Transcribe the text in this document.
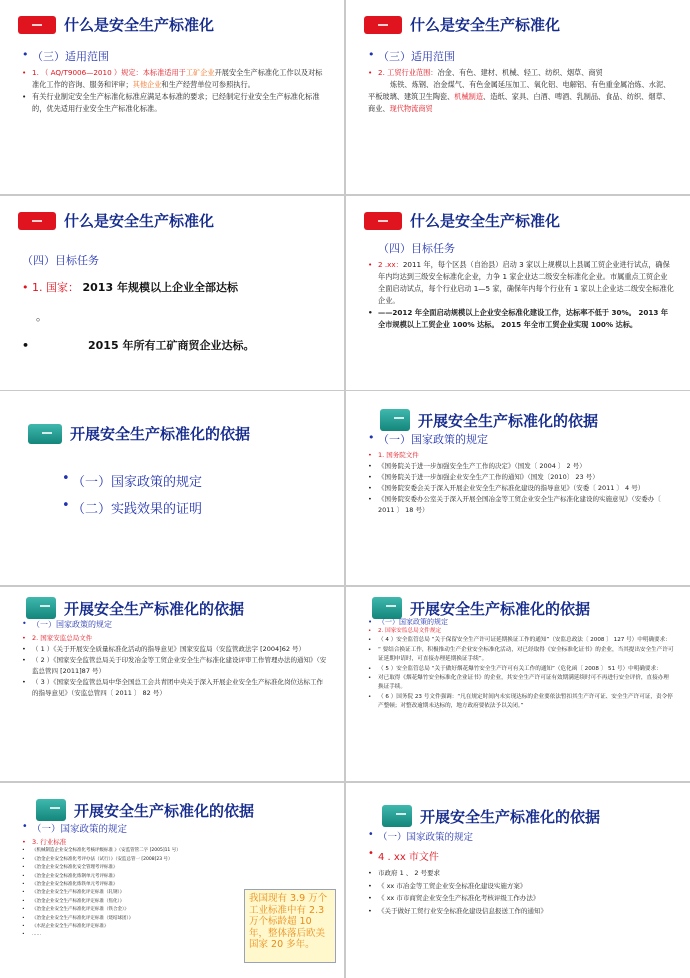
什么是安全生产标准化

• （三）适用范围

• 1. （ AQ/T9006—2010 ）规定：本标准适用于工矿企业开展安全生产标准化工作以及对标准化工作的咨询、服务和评审；其他企业和生产经营单位可参照执行。

• 有关行业制定安全生产标准化标准应满足本标准的要求；已经制定行业安全生产标准化标准的，优先适用行业安全生产标准化标准。

什么是安全生产标准化

• （三）适用范围

• 2. 工贸行业范围：冶金、有色、建材、机械、轻工、纺织、烟草、商贸

炼铁、炼钢、冶金煤气、有色金属延压加工、氧化铝、电解铝、有色重金属冶炼、水泥、平板玻璃、建筑卫生陶瓷、机械制造、造纸、家具、白酒、啤酒、乳制品、食品、纺织、烟草、商业、现代物流商贸

什么是安全生产标准化

（四）目标任务

• 1. 国家： 2013 年规模以上企业全部达标

。

• 2015 年所有工矿商贸企业达标。

什么是安全生产标准化

（四）目标任务

• 2 .xx：2011 年，每个区县（自治县）启动 3 家以上规模以上县属工贸企业进行试点，确保年内均达到三级安全标准化企业，力争 1 家企业达二级安全标准化企业。市属重点工贸企业全面启动试点，每个行业启动 1—5 家，确保年内每个行业有 1 家以上企业达二级安全标准化企业。

• ——2012 年全面启动规模以上企业安全标准化建设工作，达标率不低于 30%。 2013 年全市规模以上工贸企业 100% 达标。 2015 年全市工贸企业实现 100% 达标。

开展安全生产标准化的依据

• （一）国家政策的规定

• （二）实践效果的证明

开展安全生产标准化的依据

• （一）国家政策的规定

• 1. 国务院文件

• 《国务院关于进一步加强安全生产工作的决定》（国发〔 2004 〕 2 号）

• 《国务院关于进一步加强企业安全生产工作的通知》（国发〔2010〕 23 号）

• 《国务院安委会关于深入开展企业安全生产标准化建设的指导意见》（安委〔 2011 〕 4 号）

• 《国务院安委办公室关于深入开展全国冶金等工贸企业安全生产标准化建设的实施意见》（安委办〔 2011 〕 18 号）

开展安全生产标准化的依据

• （一）国家政策的规定

• 2. 国家安监总局文件

• （ 1 ）《关于开展安全质量标准化活动的指导意见》国家安监局（安监管政法字 [2004]62 号）

• （ 2 ）《国家安全监管总局关于印发冶金等工贸企业安全生产标准化建设评审工作管理办法的通知》（安监总管四 [2011]87 号）

• （ 3 ）《国家安全监管总局中华全国总工会共青团中央关于深入开展企业安全生产标准化岗位达标工作的指导意见》（安监总管四〔 2011 〕 82 号）

开展安全生产标准化的依据

• （一）国家政策的规定

• 2. 国家安监总局文件规定

• （ 4 ）安全监管总局 “关于保留安全生产许可证延期换证工作的通知”（安监总政法〔 2008 〕 127 号）中明确要求：

• “ 要结合换证工作，积极推动生产企业安全标准化活动，对已经取得《安全标准化证书》的企业，当其提出安全生产许可证延期申请时，可直接办理延期换证手续”。

• （ 5 ）安全监管总局 “关于做好烟花爆竹安全生产许可有关工作的通知”（危化函〔 2008 〕 51 号）中明确要求：

• 对已取得《烟花爆竹安全标准化企业证书》的企业，其安全生产许可证有效期满延续时可不再进行安全评价，直接办理换证手续。

• （ 6 ）国务院 23 号文件强调：“凡在规定时间内未实现达标的企业要依法暂扣其生产许可证、安全生产许可证，责令停产整顿；对整改逾期未达标的，地方政府要依法予以关闭。”

开展安全生产标准化的依据

• （一）国家政策的规定

• 3. 行业标准

• 《机械制造企业安全标准化考核评级标准 》（安监管管二字 [2005]11 号）

• 《冶金企业安全标准化考评办法（试行）》（安监总管一 [2008]23 号）

• 《冶金企业安全标准化安全管理考评标准》

• 《冶金企业安全标准化炼钢单元考评标准》

• 《冶金企业安全标准化炼铁单元考评标准》

• 《冶金企业安全生产标准化评定标准（轧钢）》

• 《冶金企业安全生产标准化评定标准（焦化）》

• 《冶金企业安全生产标准化评定标准（铁合金）》

• 《冶金企业安全生产标准化评定标准（烧结球团）》

• 《水泥企业安全生产标准化评定标准》

• ……

我国现有 3.9 万个工业标准中有 2.3 万个标龄超 10 年，整体落后欧美国家 20 多年。
开展安全生产标准化的依据

• （一）国家政策的规定

• 4 . xx 市文件

• 市政府 1 、 2 号要求

• 《 xx 市冶金等工贸企业安全标准化建设实施方案》

• 《 xx 市市商贸企业安全生产标准化考核评级工作办法》

• 《关于做好工贸行业安全标准化建设信息报送工作的通知》
